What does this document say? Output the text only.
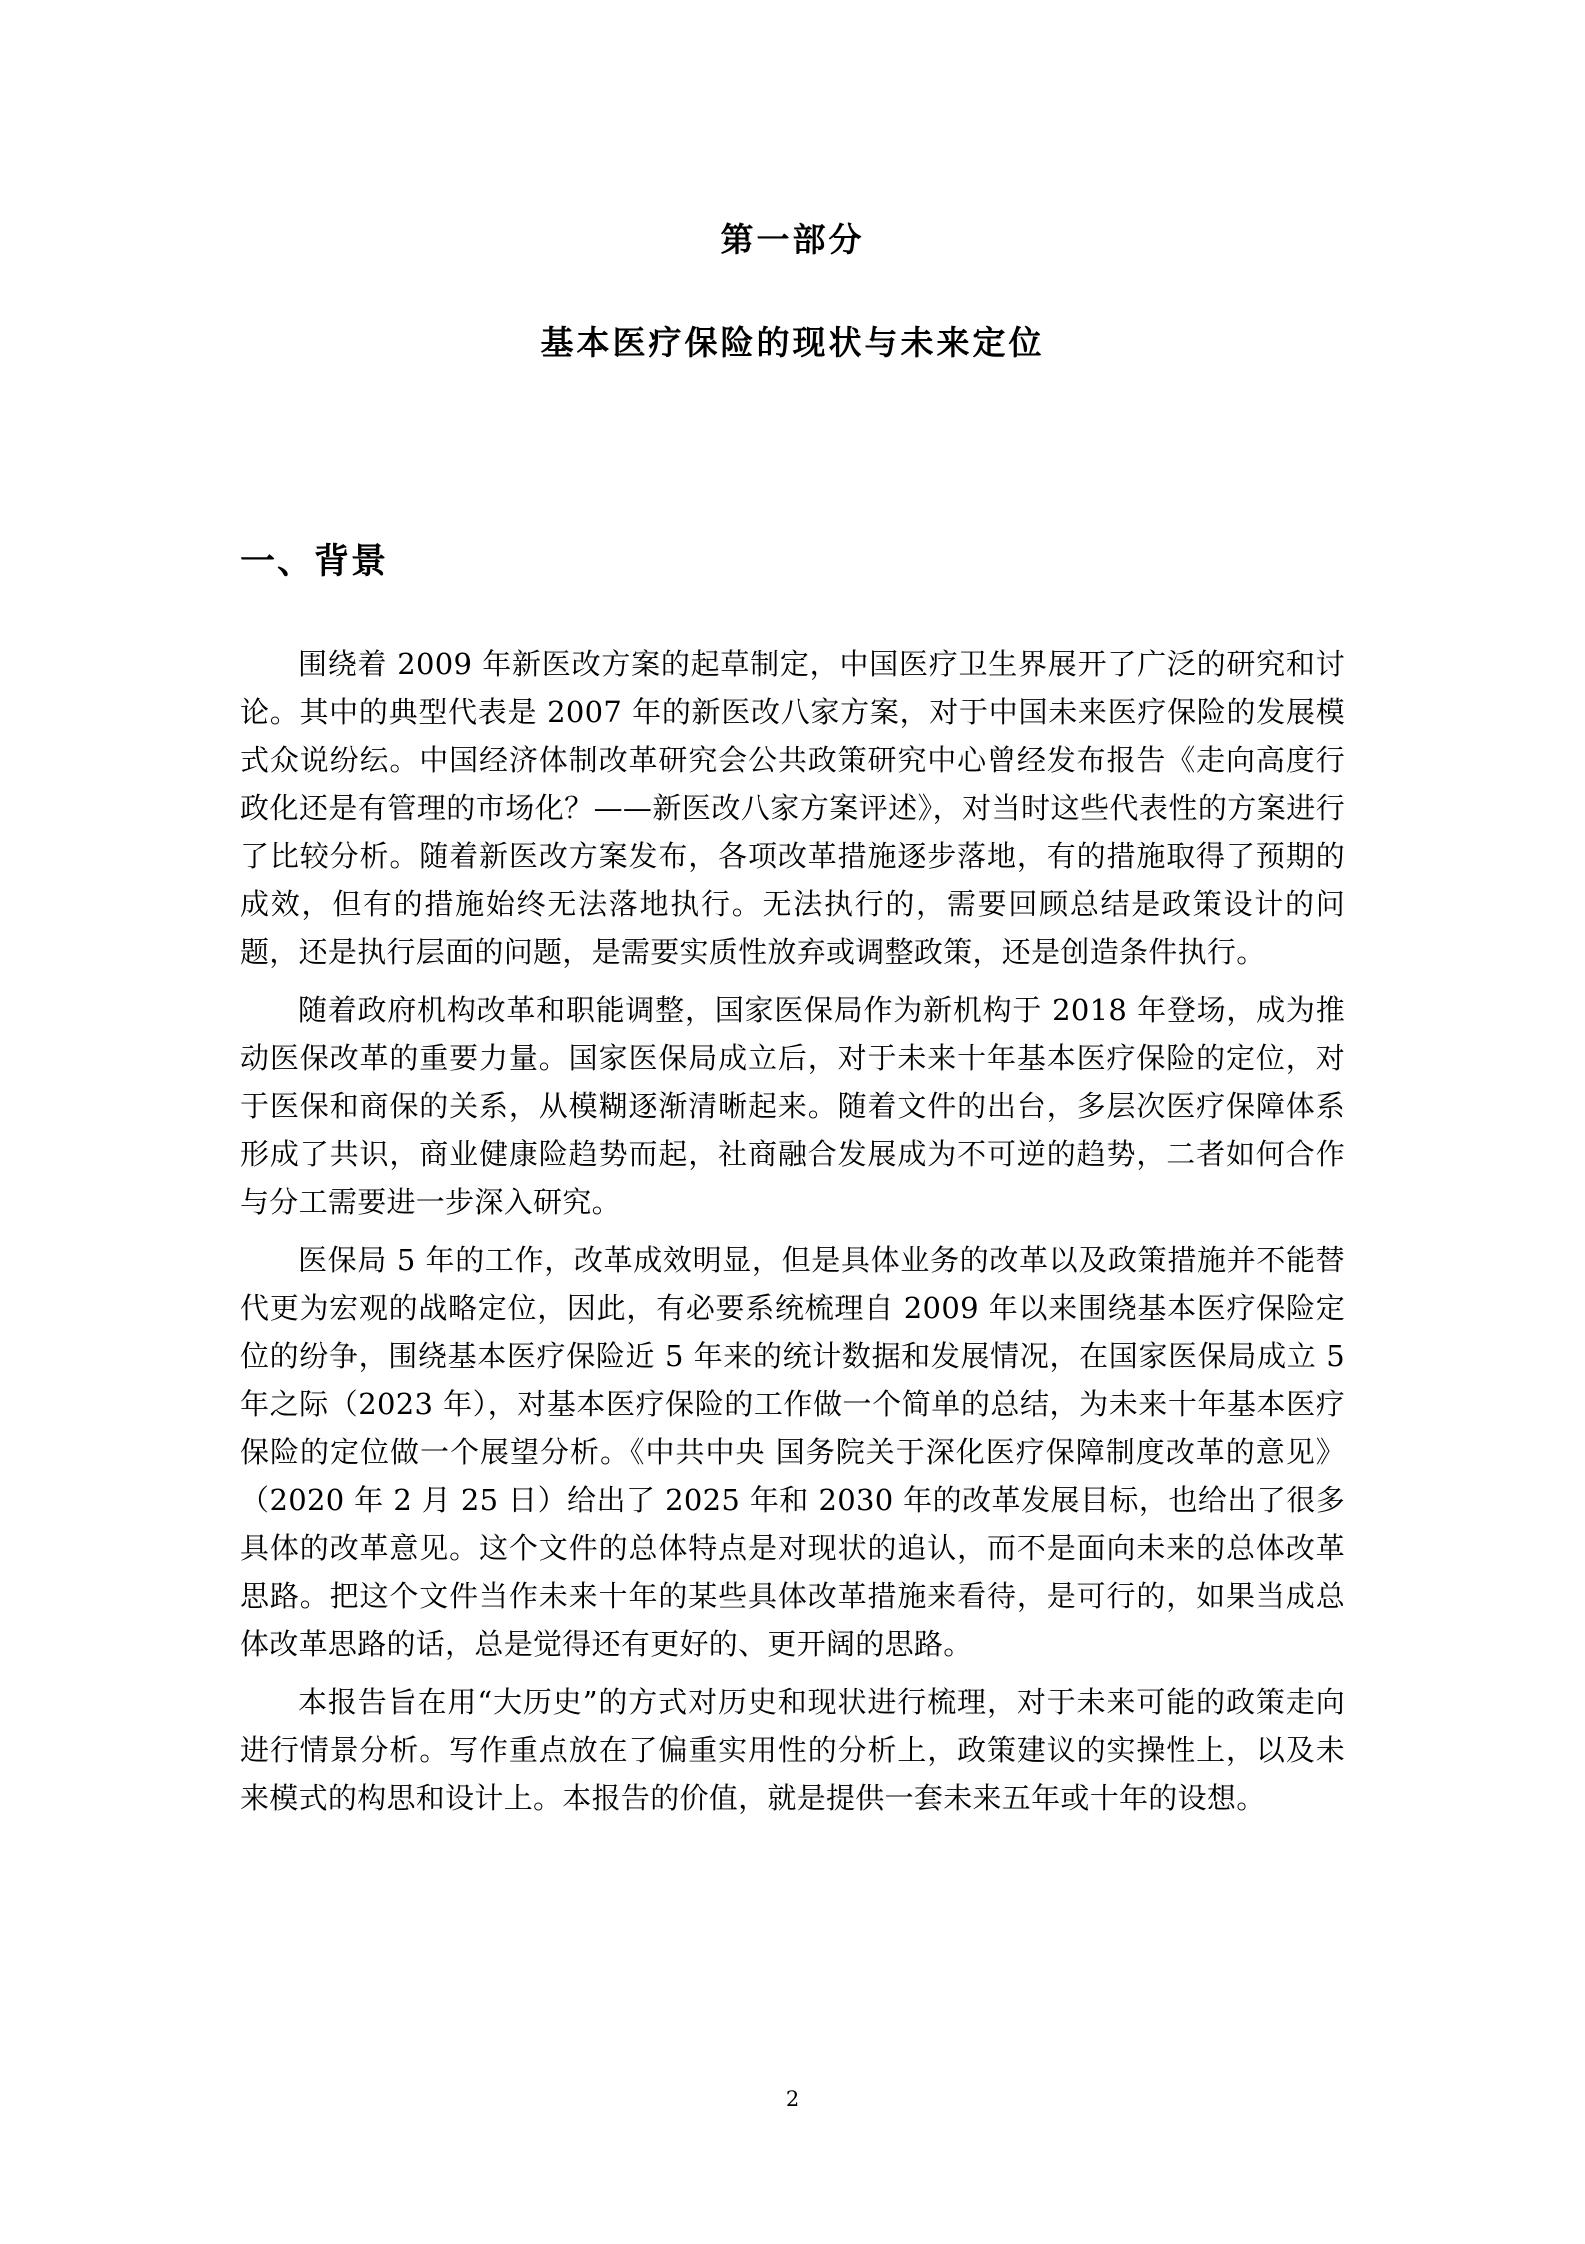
第一部分
基本医疗保险的现状与未来定位
一、背景

围绕着 2009 年新医改方案的起草制定，中国医疗卫生界展开了广泛的研究和讨论。其中的典型代表是 2007 年的新医改八家方案，对于中国未来医疗保险的发展模式众说纷纭。中国经济体制改革研究会公共政策研究中心曾经发布报告《走向高度行政化还是有管理的市场化？——新医改八家方案评述》，对当时这些代表性的方案进行了比较分析。随着新医改方案发布，各项改革措施逐步落地，有的措施取得了预期的成效，但有的措施始终无法落地执行。无法执行的，需要回顾总结是政策设计的问题，还是执行层面的问题，是需要实质性放弃或调整政策，还是创造条件执行。

随着政府机构改革和职能调整，国家医保局作为新机构于 2018 年登场，成为推动医保改革的重要力量。国家医保局成立后，对于未来十年基本医疗保险的定位，对于医保和商保的关系，从模糊逐渐清晰起来。随着文件的出台，多层次医疗保障体系形成了共识，商业健康险趋势而起，社商融合发展成为不可逆的趋势，二者如何合作与分工需要进一步深入研究。

医保局 5 年的工作，改革成效明显，但是具体业务的改革以及政策措施并不能替代更为宏观的战略定位，因此，有必要系统梳理自 2009 年以来围绕基本医疗保险定位的纷争，围绕基本医疗保险近 5 年来的统计数据和发展情况，在国家医保局成立 5 年之际（2023 年），对基本医疗保险的工作做一个简单的总结，为未来十年基本医疗保险的定位做一个展望分析。《中共中央 国务院关于深化医疗保障制度改革的意见》（2020 年 2 月 25 日）给出了 2025 年和 2030 年的改革发展目标，也给出了很多具体的改革意见。这个文件的总体特点是对现状的追认，而不是面向未来的总体改革思路。把这个文件当作未来十年的某些具体改革措施来看待，是可行的，如果当成总体改革思路的话，总是觉得还有更好的、更开阔的思路。

本报告旨在用“大历史”的方式对历史和现状进行梳理，对于未来可能的政策走向进行情景分析。写作重点放在了偏重实用性的分析上，政策建议的实操性上，以及未来模式的构思和设计上。本报告的价值，就是提供一套未来五年或十年的设想。

2
